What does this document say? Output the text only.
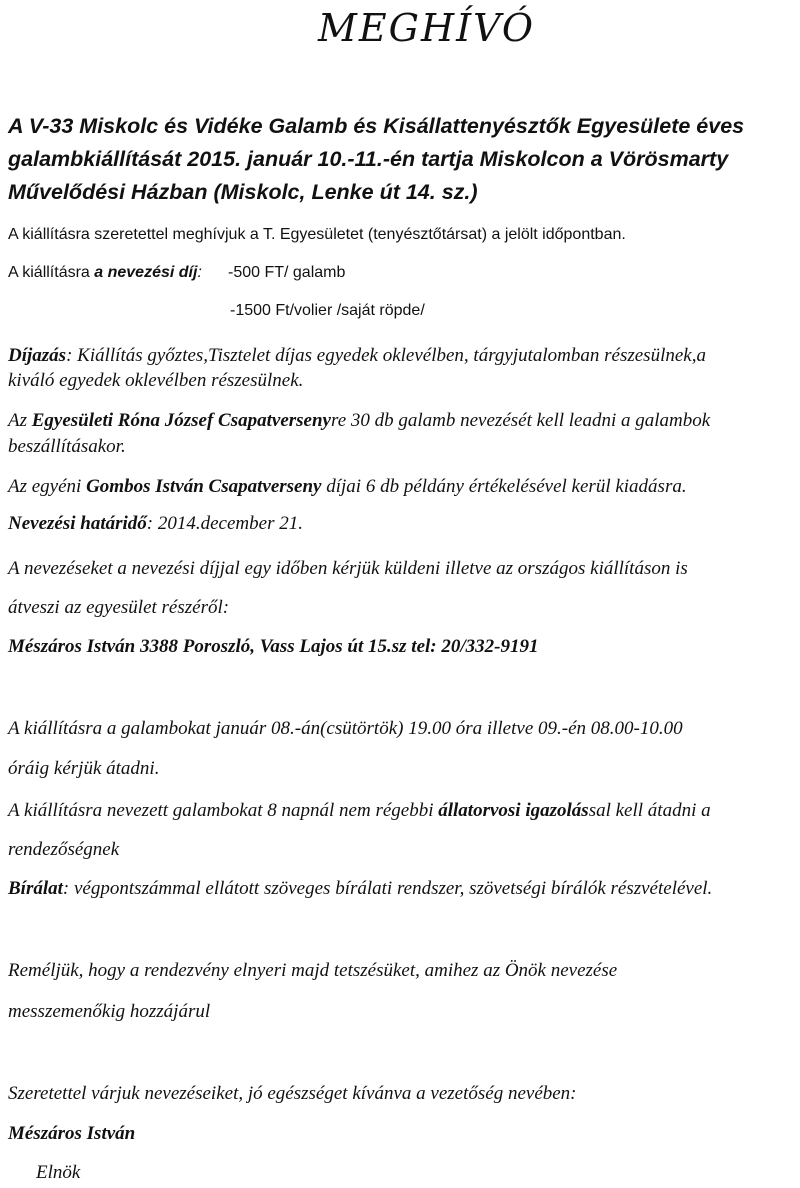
MEGHÍVÓ
A V-33 Miskolc és Vidéke Galamb és Kisállattenyésztők Egyesülete éves
galambkiállítását 2015. január 10.-11.-én tartja Miskolcon a Vörösmarty
Művelődési Házban (Miskolc, Lenke út 14. sz.)
A kiállításra szeretettel meghívjuk a T. Egyesületet (tenyésztőtársat) a jelölt időpontban.
A kiállításra a nevezési díj: -500 FT/ galamb
-1500 Ft/volier /saját röpde/
Díjazás: Kiállítás győztes,Tisztelet díjas egyedek oklevélben, tárgyjutalomban részesülnek,a
kiváló egyedek oklevélben részesülnek.
Az Egyesületi Róna József Csapatversenyre 30 db galamb nevezését kell leadni a galambok
beszállításakor.
Az egyéni Gombos István Csapatverseny díjai 6 db példány értékelésével kerül kiadásra.
Nevezési határidő: 2014.december 21.
A nevezéseket a nevezési díjjal egy időben kérjük küldeni illetve az országos kiállításon is
átveszi az egyesület részéről:
Mészáros István 3388 Poroszló, Vass Lajos út 15.sz tel: 20/332-9191
A kiállításra a galambokat január 08.-án(csütörtök) 19.00 óra illetve 09.-én 08.00-10.00
óráig kérjük átadni.
A kiállításra nevezett galambokat 8 napnál nem régebbi állatorvosi igazolással kell átadni a
rendezőségnek
Bírálat: végpontszámmal ellátott szöveges bírálati rendszer, szövetségi bírálók részvételével.
Reméljük, hogy a rendezvény elnyeri majd tetszésüket, amihez az Önök nevezése
messzemenőkig hozzájárul
Szeretettel várjuk nevezéseiket, jó egészséget kívánva a vezetőség nevében:
Mészáros István
Elnök
